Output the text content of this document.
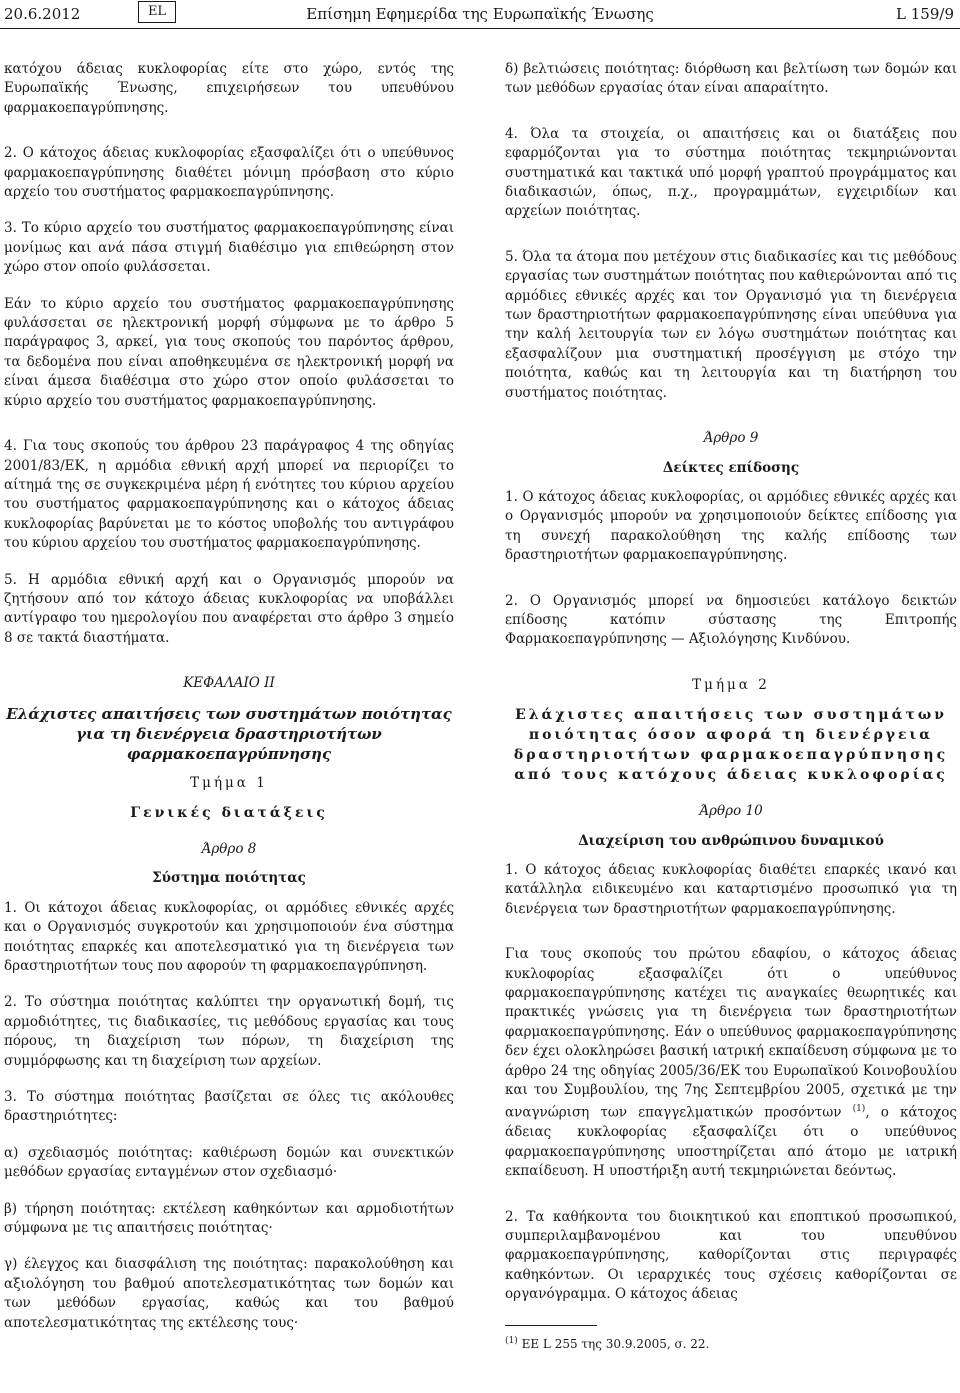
20.6.2012	EL	Επίσημη Εφημερίδα της Ευρωπαϊκής Ένωσης	L 159/9

κατόχου άδειας κυκλοφορίας είτε στο χώρο, εντός της Ευρωπαϊκής Ένωσης, επιχειρήσεων του υπευθύνου φαρμακοεπαγρύπνησης.

2. Ο κάτοχος άδειας κυκλοφορίας εξασφαλίζει ότι ο υπεύθυνος φαρμακοεπαγρύπνησης διαθέτει μόνιμη πρόσβαση στο κύριο αρχείο του συστήματος φαρμακοεπαγρύπνησης.

3. Το κύριο αρχείο του συστήματος φαρμακοεπαγρύπνησης είναι μονίμως και ανά πάσα στιγμή διαθέσιμο για επιθεώρηση στον χώρο στον οποίο φυλάσσεται.

Εάν το κύριο αρχείο του συστήματος φαρμακοεπαγρύπνησης φυλάσσεται σε ηλεκτρονική μορφή σύμφωνα με το άρθρο 5 παράγραφος 3, αρκεί, για τους σκοπούς του παρόντος άρθρου, τα δεδομένα που είναι αποθηκευμένα σε ηλεκτρονική μορφή να είναι άμεσα διαθέσιμα στο χώρο στον οποίο φυλάσσεται το κύριο αρχείο του συστήματος φαρμακοεπαγρύπνησης.

4. Για τους σκοπούς του άρθρου 23 παράγραφος 4 της οδηγίας 2001/83/ΕΚ, η αρμόδια εθνική αρχή μπορεί να περιορίζει το αίτημά της σε συγκεκριμένα μέρη ή ενότητες του κύριου αρχείου του συστήματος φαρμακοεπαγρύπνησης και ο κάτοχος άδειας κυκλοφορίας βαρύνεται με το κόστος υποβολής του αντιγράφου του κύριου αρχείου του συστήματος φαρμακοεπαγρύπνησης.

5. Η αρμόδια εθνική αρχή και ο Οργανισμός μπορούν να ζητήσουν από τον κάτοχο άδειας κυκλοφορίας να υποβάλλει αντίγραφο του ημερολογίου που αναφέρεται στο άρθρο 3 σημείο 8 σε τακτά διαστήματα.

ΚΕΦΑΛΑΙΟ ΙΙ

Ελάχιστες απαιτήσεις των συστημάτων ποιότητας για τη διενέργεια δραστηριοτήτων φαρμακοεπαγρύπνησης

Τμήμα 1

Γενικές διατάξεις

Άρθρο 8

Σύστημα ποιότητας

1. Οι κάτοχοι άδειας κυκλοφορίας, οι αρμόδιες εθνικές αρχές και ο Οργανισμός συγκροτούν και χρησιμοποιούν ένα σύστημα ποιότητας επαρκές και αποτελεσματικό για τη διενέργεια των δραστηριοτήτων τους που αφορούν τη φαρμακοεπαγρύπνηση.

2. Το σύστημα ποιότητας καλύπτει την οργανωτική δομή, τις αρμοδιότητες, τις διαδικασίες, τις μεθόδους εργασίας και τους πόρους, τη διαχείριση των πόρων, τη διαχείριση της συμμόρφωσης και τη διαχείριση των αρχείων.

3. Το σύστημα ποιότητας βασίζεται σε όλες τις ακόλουθες δραστηριότητες:

α) σχεδιασμός ποιότητας: καθιέρωση δομών και συνεκτικών μεθόδων εργασίας ενταγμένων στον σχεδιασμό·

β) τήρηση ποιότητας: εκτέλεση καθηκόντων και αρμοδιοτήτων σύμφωνα με τις απαιτήσεις ποιότητας·

γ) έλεγχος και διασφάλιση της ποιότητας: παρακολούθηση και αξιολόγηση του βαθμού αποτελεσματικότητας των δομών και των μεθόδων εργασίας, καθώς και του βαθμού αποτελεσματικότητας της εκτέλεσης τους·

δ) βελτιώσεις ποιότητας: διόρθωση και βελτίωση των δομών και των μεθόδων εργασίας όταν είναι απαραίτητο.

4. Όλα τα στοιχεία, οι απαιτήσεις και οι διατάξεις που εφαρμόζονται για το σύστημα ποιότητας τεκμηριώνονται συστηματικά και τακτικά υπό μορφή γραπτού προγράμματος και διαδικασιών, όπως, π.χ., προγραμμάτων, εγχειριδίων και αρχείων ποιότητας.

5. Όλα τα άτομα που μετέχουν στις διαδικασίες και τις μεθόδους εργασίας των συστημάτων ποιότητας που καθιερώνονται από τις αρμόδιες εθνικές αρχές και τον Οργανισμό για τη διενέργεια των δραστηριοτήτων φαρμακοεπαγρύπνησης είναι υπεύθυνα για την καλή λειτουργία των εν λόγω συστημάτων ποιότητας και εξασφαλίζουν μια συστηματική προσέγγιση με στόχο την ποιότητα, καθώς και τη λειτουργία και τη διατήρηση του συστήματος ποιότητας.

Άρθρο 9

Δείκτες επίδοσης

1. Ο κάτοχος άδειας κυκλοφορίας, οι αρμόδιες εθνικές αρχές και ο Οργανισμός μπορούν να χρησιμοποιούν δείκτες επίδοσης για τη συνεχή παρακολούθηση της καλής επίδοσης των δραστηριοτήτων φαρμακοεπαγρύπνησης.

2. Ο Οργανισμός μπορεί να δημοσιεύει κατάλογο δεικτών επίδοσης κατόπιν σύστασης της Επιτροπής Φαρμακοεπαγρύπνησης — Αξιολόγησης Κινδύνου.

Τμήμα 2

Ελάχιστες απαιτήσεις των συστημάτων ποιότητας όσον αφορά τη διενέργεια δραστηριοτήτων φαρμακοεπαγρύπνησης από τους κατόχους άδειας κυκλοφορίας

Άρθρο 10

Διαχείριση του ανθρώπινου δυναμικού

1. Ο κάτοχος άδειας κυκλοφορίας διαθέτει επαρκές ικανό και κατάλληλα ειδικευμένο και καταρτισμένο προσωπικό για τη διενέργεια των δραστηριοτήτων φαρμακοεπαγρύπνησης.

Για τους σκοπούς του πρώτου εδαφίου, ο κάτοχος άδειας κυκλοφορίας εξασφαλίζει ότι ο υπεύθυνος φαρμακοεπαγρύπνησης κατέχει τις αναγκαίες θεωρητικές και πρακτικές γνώσεις για τη διενέργεια των δραστηριοτήτων φαρμακοεπαγρύπνησης. Εάν ο υπεύθυνος φαρμακοεπαγρύπνησης δεν έχει ολοκληρώσει βασική ιατρική εκπαίδευση σύμφωνα με το άρθρο 24 της οδηγίας 2005/36/ΕΚ του Ευρωπαϊκού Κοινοβουλίου και του Συμβουλίου, της 7ης Σεπτεμβρίου 2005, σχετικά με την αναγνώριση των επαγγελματικών προσόντων $^{(1)}$, ο κάτοχος άδειας κυκλοφορίας εξασφαλίζει ότι ο υπεύθυνος φαρμακοεπαγρύπνησης υποστηρίζεται από άτομο με ιατρική εκπαίδευση. Η υποστήριξη αυτή τεκμηριώνεται δεόντως.

2. Τα καθήκοντα του διοικητικού και εποπτικού προσωπικού, συμπεριλαμβανομένου και του υπευθύνου φαρμακοεπαγρύπνησης, καθορίζονται στις περιγραφές καθηκόντων. Οι ιεραρχικές τους σχέσεις καθορίζονται σε οργανόγραμμα. Ο κάτοχος άδειας

$^{(1)}$ ΕΕ L 255 της 30.9.2005, σ. 22.
